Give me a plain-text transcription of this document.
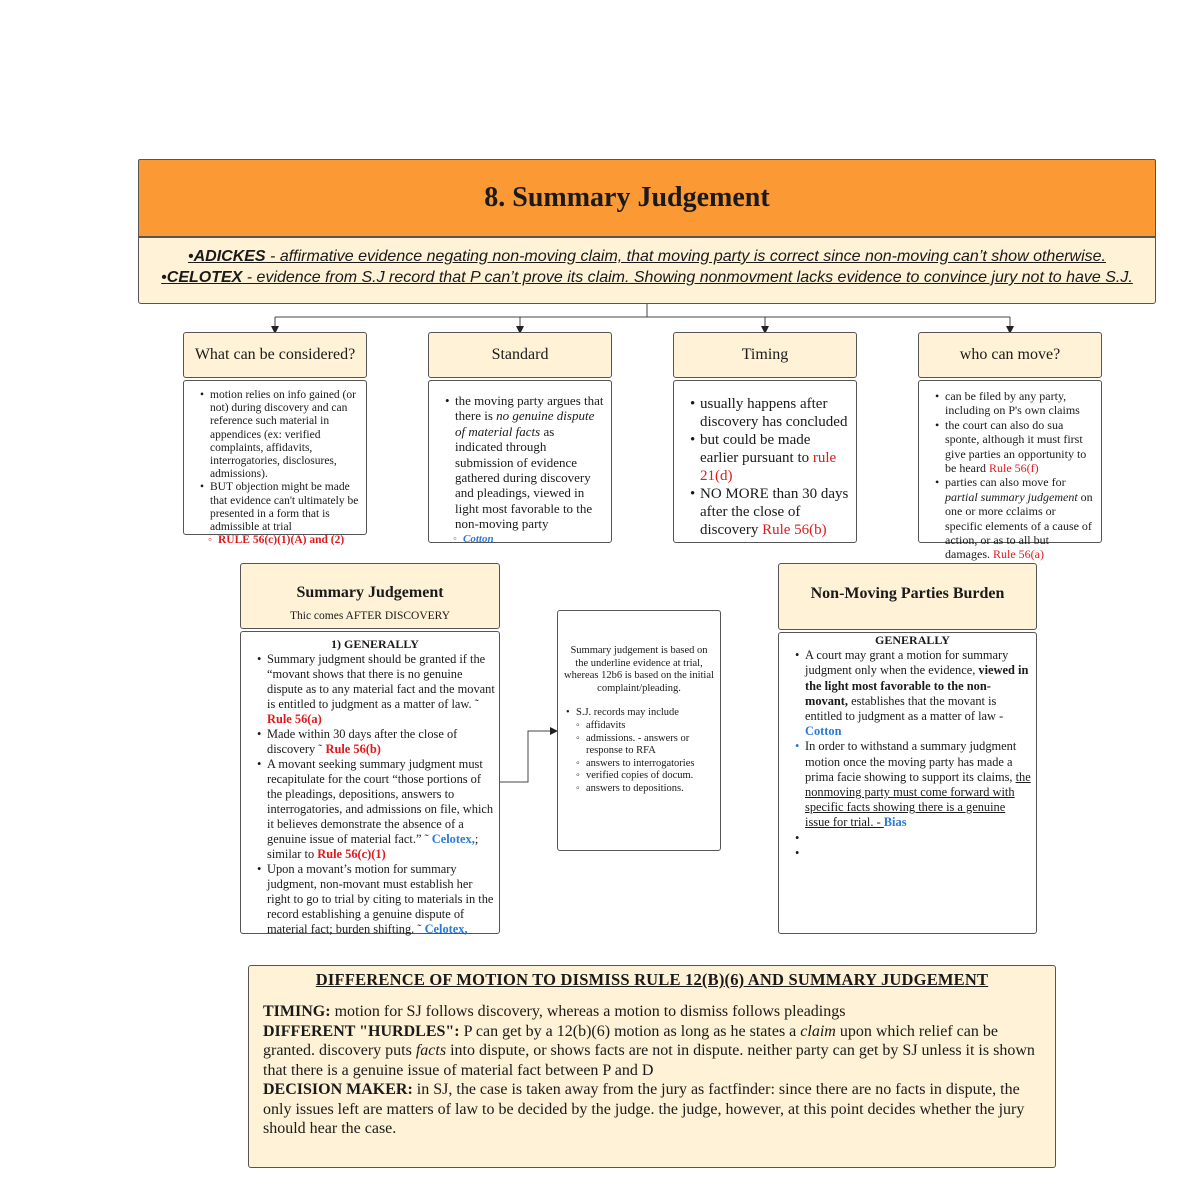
8. Summary Judgement
•ADICKES - affirmative evidence negating non-moving claim, that moving party is correct since non-moving can’t show otherwise.
•CELOTEX - evidence from S.J record that P can’t prove its claim. Showing nonmovment lacks evidence to convince jury not to have S.J.
What can be considered?
• motion relies on info gained (or not) during discovery and can reference such material in appendices (ex: verified complaints, affidavits, interrogatories, disclosures, admissions).
• BUT objection might be made that evidence can't ultimately be presented in a form that is admissible at trial
◦ RULE 56(c)(1)(A) and (2)
Standard
• the moving party argues that there is no genuine dispute of material facts as indicated through submission of evidence gathered during discovery and pleadings, viewed in light most favorable to the non-moving party
◦ Cotton
Timing
• usually happens after discovery has concluded
• but could be made earlier pursuant to rule 21(d)
• NO MORE than 30 days after the close of discovery Rule 56(b)
who can move?
• can be filed by any party, including on P's own claims
• the court can also do sua sponte, although it must first give parties an opportunity to be heard Rule 56(f)
• parties can also move for partial summary judgement on one or more cclaims or specific elements of a cause of action, or as to all but damages. Rule 56(a)
Summary Judgement
Thic comes AFTER DISCOVERY
1) GENERALLY
• Summary judgment should be granted if the “movant shows that there is no genuine dispute as to any material fact and the movant is entitled to judgment as a matter of law. ˜ Rule 56(a)
• Made within 30 days after the close of discovery ˜ Rule 56(b)
• A movant seeking summary judgment must recapitulate for the court “those portions of the pleadings, depositions, answers to interrogatories, and admissions on file, which it believes demonstrate the absence of a genuine issue of material fact.” ˜ Celotex,; similar to Rule 56(c)(1)
• Upon a movant’s motion for summary judgment, non-movant must establish her right to go to trial by citing to materials in the record establishing a genuine dispute of material fact; burden shifting. ˜ Celotex,
Summary judgement is based on the underline evidence at trial, whereas 12b6 is based on the initial complaint/pleading.
• S.J. records may include
◦ affidavits
◦ admissions. - answers or response to RFA
◦ answers to interrogatories
◦ verified copies of docum.
◦ answers to depositions.
Non-Moving Parties Burden
GENERALLY
• A court may grant a motion for summary judgment only when the evidence, viewed in the light most favorable to the non-movant, establishes that the movant is entitled to judgment as a matter of law - Cotton
• In order to withstand a summary judgment motion once the moving party has made a prima facie showing to support its claims, the nonmoving party must come forward with specific facts showing there is a genuine issue for trial. - Bias
•
•
DIFFERENCE OF MOTION TO DISMISS RULE 12(B)(6) AND SUMMARY JUDGEMENT

TIMING: motion for SJ follows discovery, whereas a motion to dismiss follows pleadings

DIFFERENT "HURDLES": P can get by a 12(b)(6) motion as long as he states a claim upon which relief can be granted. discovery puts facts into dispute, or shows facts are not in dispute. neither party can get by SJ unless it is shown that there is a genuine issue of material fact between P and D

DECISION MAKER: in SJ, the case is taken away from the jury as factfinder: since there are no facts in dispute, the only issues left are matters of law to be decided by the judge. the judge, however, at this point decides whether the jury should hear the case.
